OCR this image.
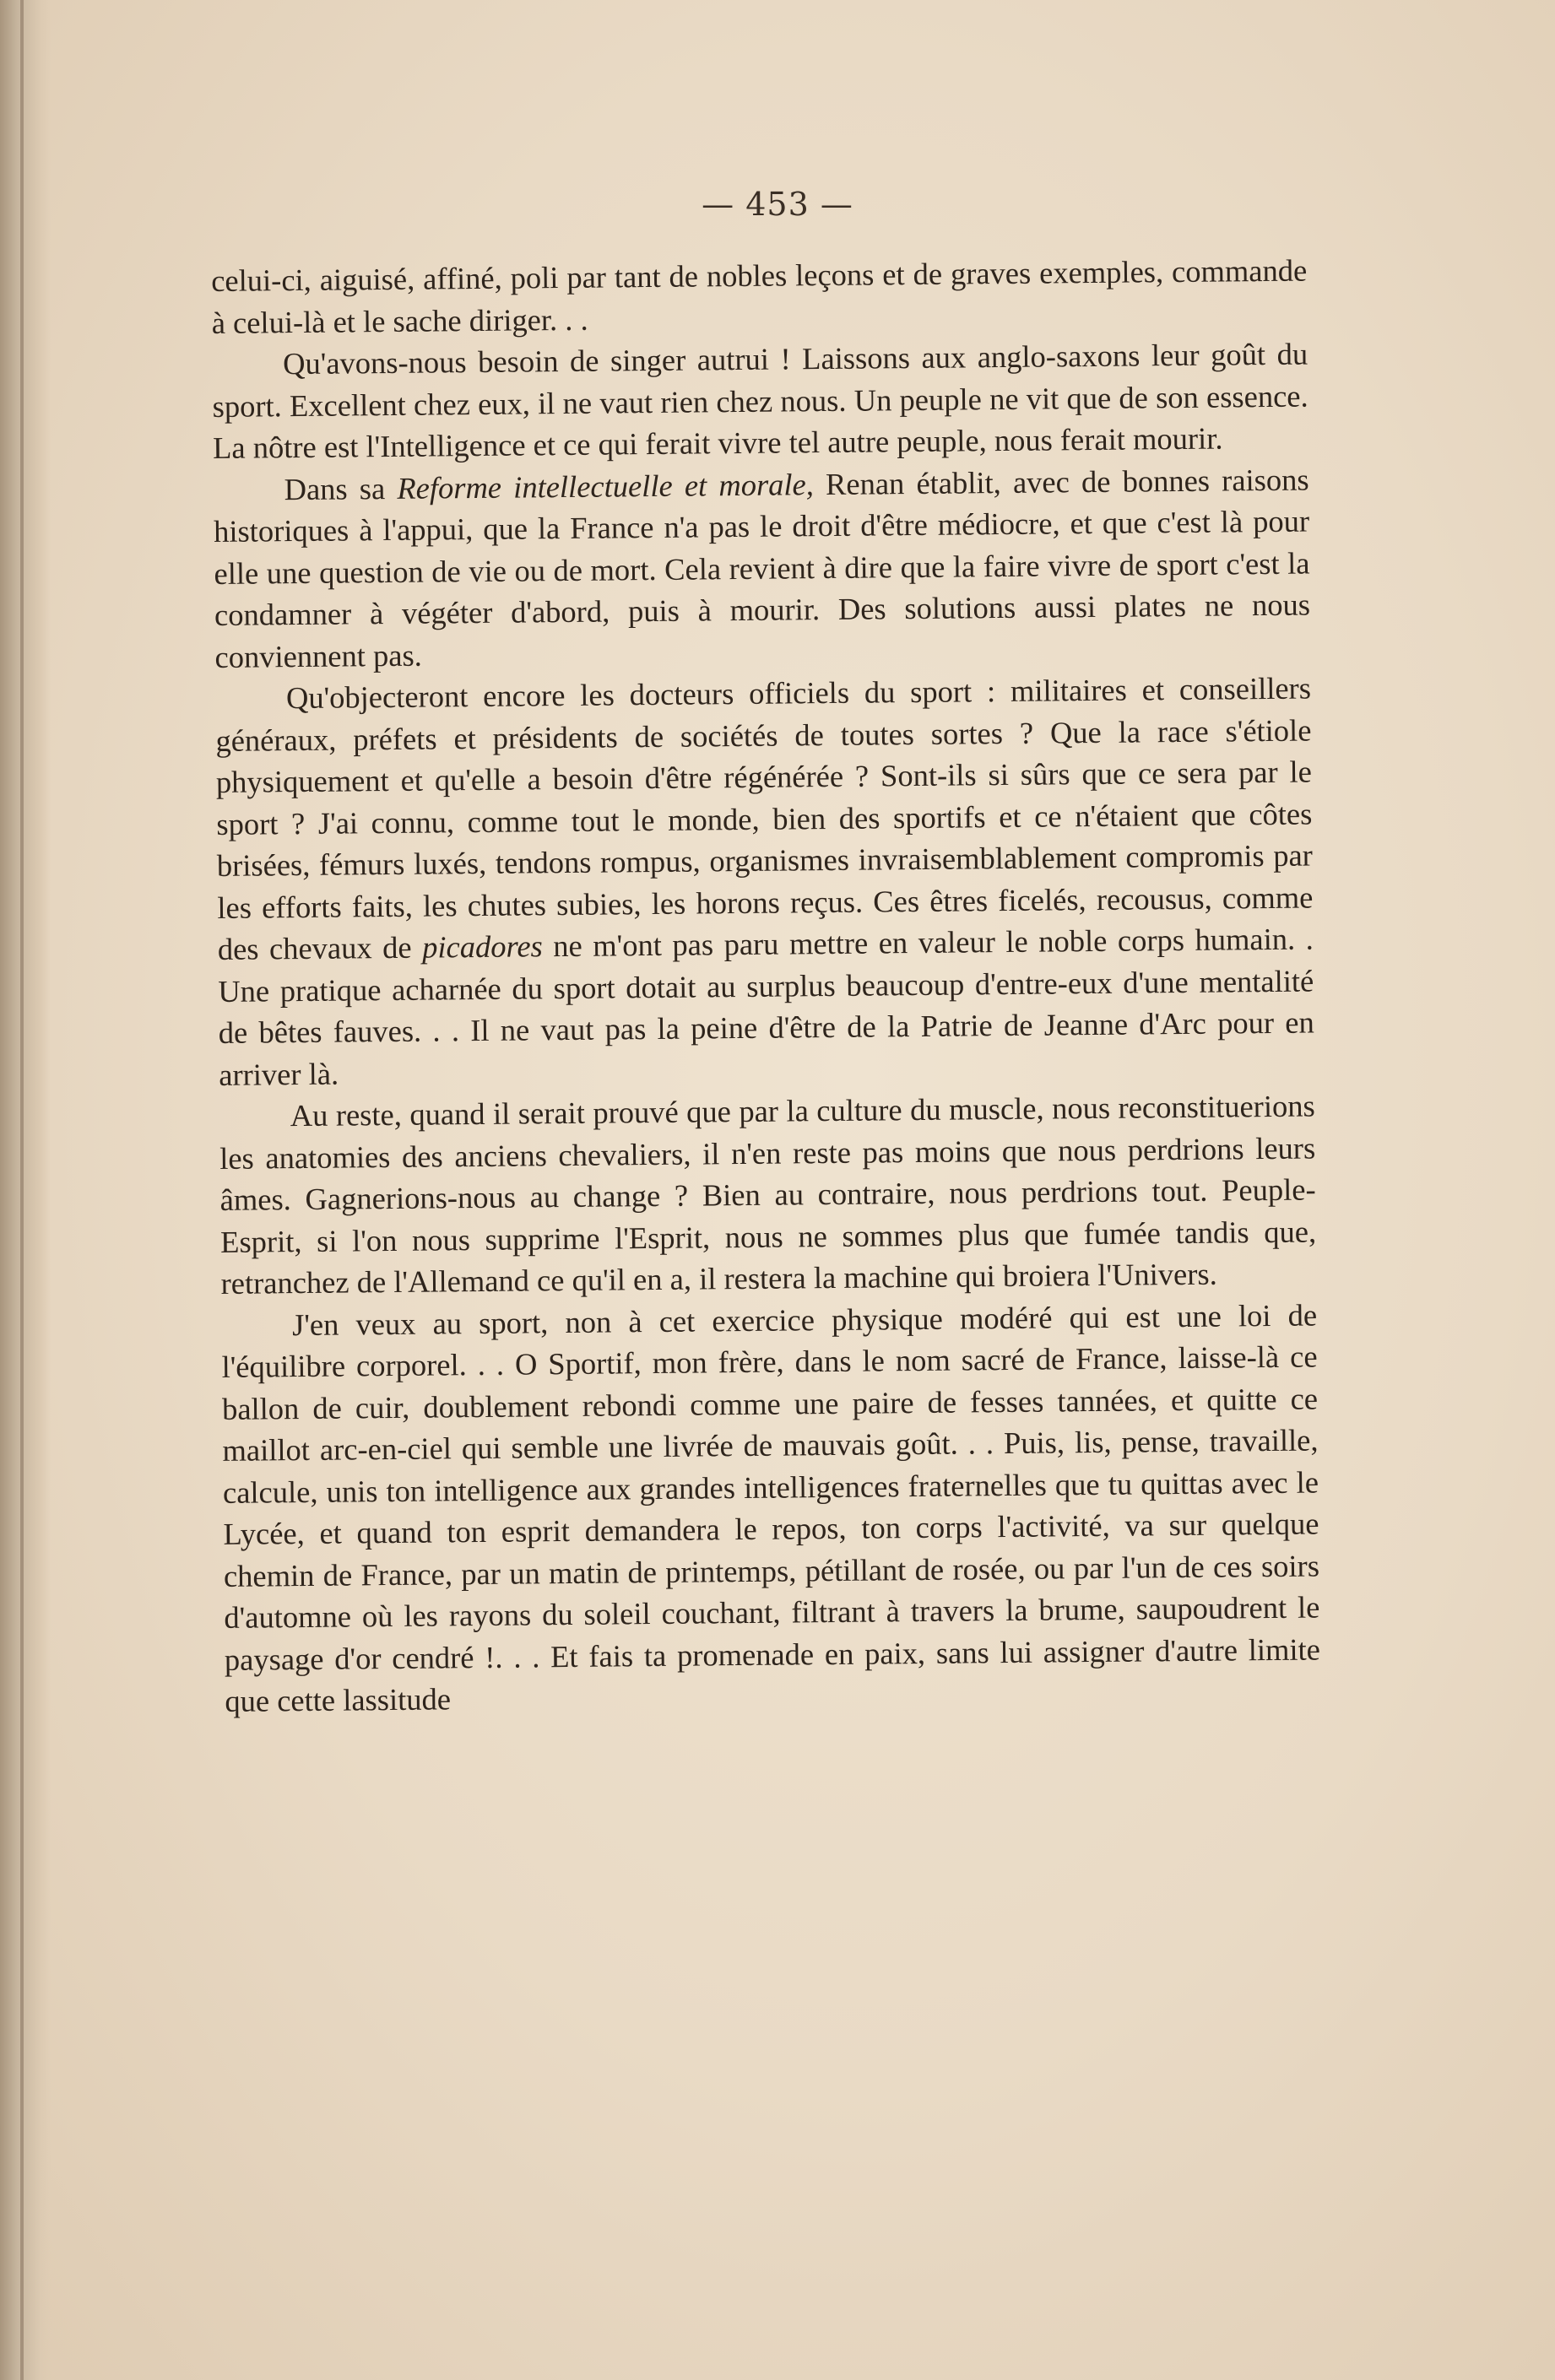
— 453 —

celui-ci, aiguisé, affiné, poli par tant de nobles leçons et de graves exemples, commande à celui-là et le sache diriger. . .

Qu'avons-nous besoin de singer autrui ! Laissons aux anglo-saxons leur goût du sport. Excellent chez eux, il ne vaut rien chez nous. Un peuple ne vit que de son essence. La nôtre est l'Intelligence et ce qui ferait vivre tel autre peuple, nous ferait mourir.

Dans sa Reforme intellectuelle et morale, Renan établit, avec de bonnes raisons historiques à l'appui, que la France n'a pas le droit d'être médiocre, et que c'est là pour elle une question de vie ou de mort. Cela revient à dire que la faire vivre de sport c'est la condamner à végéter d'abord, puis à mourir. Des solutions aussi plates ne nous conviennent pas.

Qu'objecteront encore les docteurs officiels du sport : militaires et conseillers généraux, préfets et présidents de sociétés de toutes sortes ? Que la race s'étiole physiquement et qu'elle a besoin d'être régénérée ? Sont-ils si sûrs que ce sera par le sport ? J'ai connu, comme tout le monde, bien des sportifs et ce n'étaient que côtes brisées, fémurs luxés, tendons rompus, organismes invraisemblablement compromis par les efforts faits, les chutes subies, les horons reçus. Ces êtres ficelés, recousus, comme des chevaux de picadores ne m'ont pas paru mettre en valeur le noble corps humain. . Une pratique acharnée du sport dotait au surplus beaucoup d'entre-eux d'une mentalité de bêtes fauves. . . Il ne vaut pas la peine d'être de la Patrie de Jeanne d'Arc pour en arriver là.

Au reste, quand il serait prouvé que par la culture du muscle, nous reconstituerions les anatomies des anciens chevaliers, il n'en reste pas moins que nous perdrions leurs âmes. Gagnerions-nous au change ? Bien au contraire, nous perdrions tout. Peuple-Esprit, si l'on nous supprime l'Esprit, nous ne sommes plus que fumée tandis que, retranchez de l'Allemand ce qu'il en a, il restera la machine qui broiera l'Univers.

J'en veux au sport, non à cet exercice physique modéré qui est une loi de l'équilibre corporel. . . O Sportif, mon frère, dans le nom sacré de France, laisse-là ce ballon de cuir, doublement rebondi comme une paire de fesses tannées, et quitte ce maillot arc-en-ciel qui semble une livrée de mauvais goût. . . Puis, lis, pense, travaille, calcule, unis ton intelligence aux grandes intelligences fraternelles que tu quittas avec le Lycée, et quand ton esprit demandera le repos, ton corps l'activité, va sur quelque chemin de France, par un matin de printemps, pétillant de rosée, ou par l'un de ces soirs d'automne où les rayons du soleil couchant, filtrant à travers la brume, saupoudrent le paysage d'or cendré !. . . Et fais ta promenade en paix, sans lui assigner d'autre limite que cette lassitude
